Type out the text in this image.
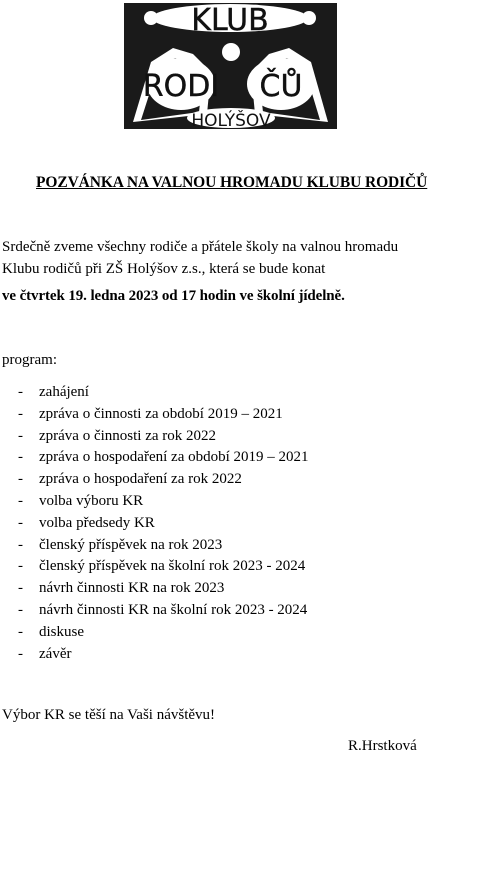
KLUB
RODI ČŮ
HOLÝŠOV
POZVÁNKA NA VALNOU HROMADU KLUBU RODIČŮ
Srdečně zveme všechny rodiče a přátele školy na valnou hromadu
Klubu rodičů při ZŠ Holýšov z.s., která se bude konat
ve čtvrtek 19. ledna 2023 od 17 hodin ve školní jídelně.
program:
- zahájení
- zpráva o činnosti za období 2019 – 2021
- zpráva o činnosti za rok 2022
- zpráva o hospodaření za období 2019 – 2021
- zpráva o hospodaření za rok 2022
- volba výboru KR
- volba předsedy KR
- členský příspěvek na rok 2023
- členský příspěvek na školní rok 2023 - 2024
- návrh činnosti KR na rok 2023
- návrh činnosti KR na školní rok 2023 - 2024
- diskuse
- závěr
Výbor KR se těší na Vaši návštěvu!
R.Hrstková
